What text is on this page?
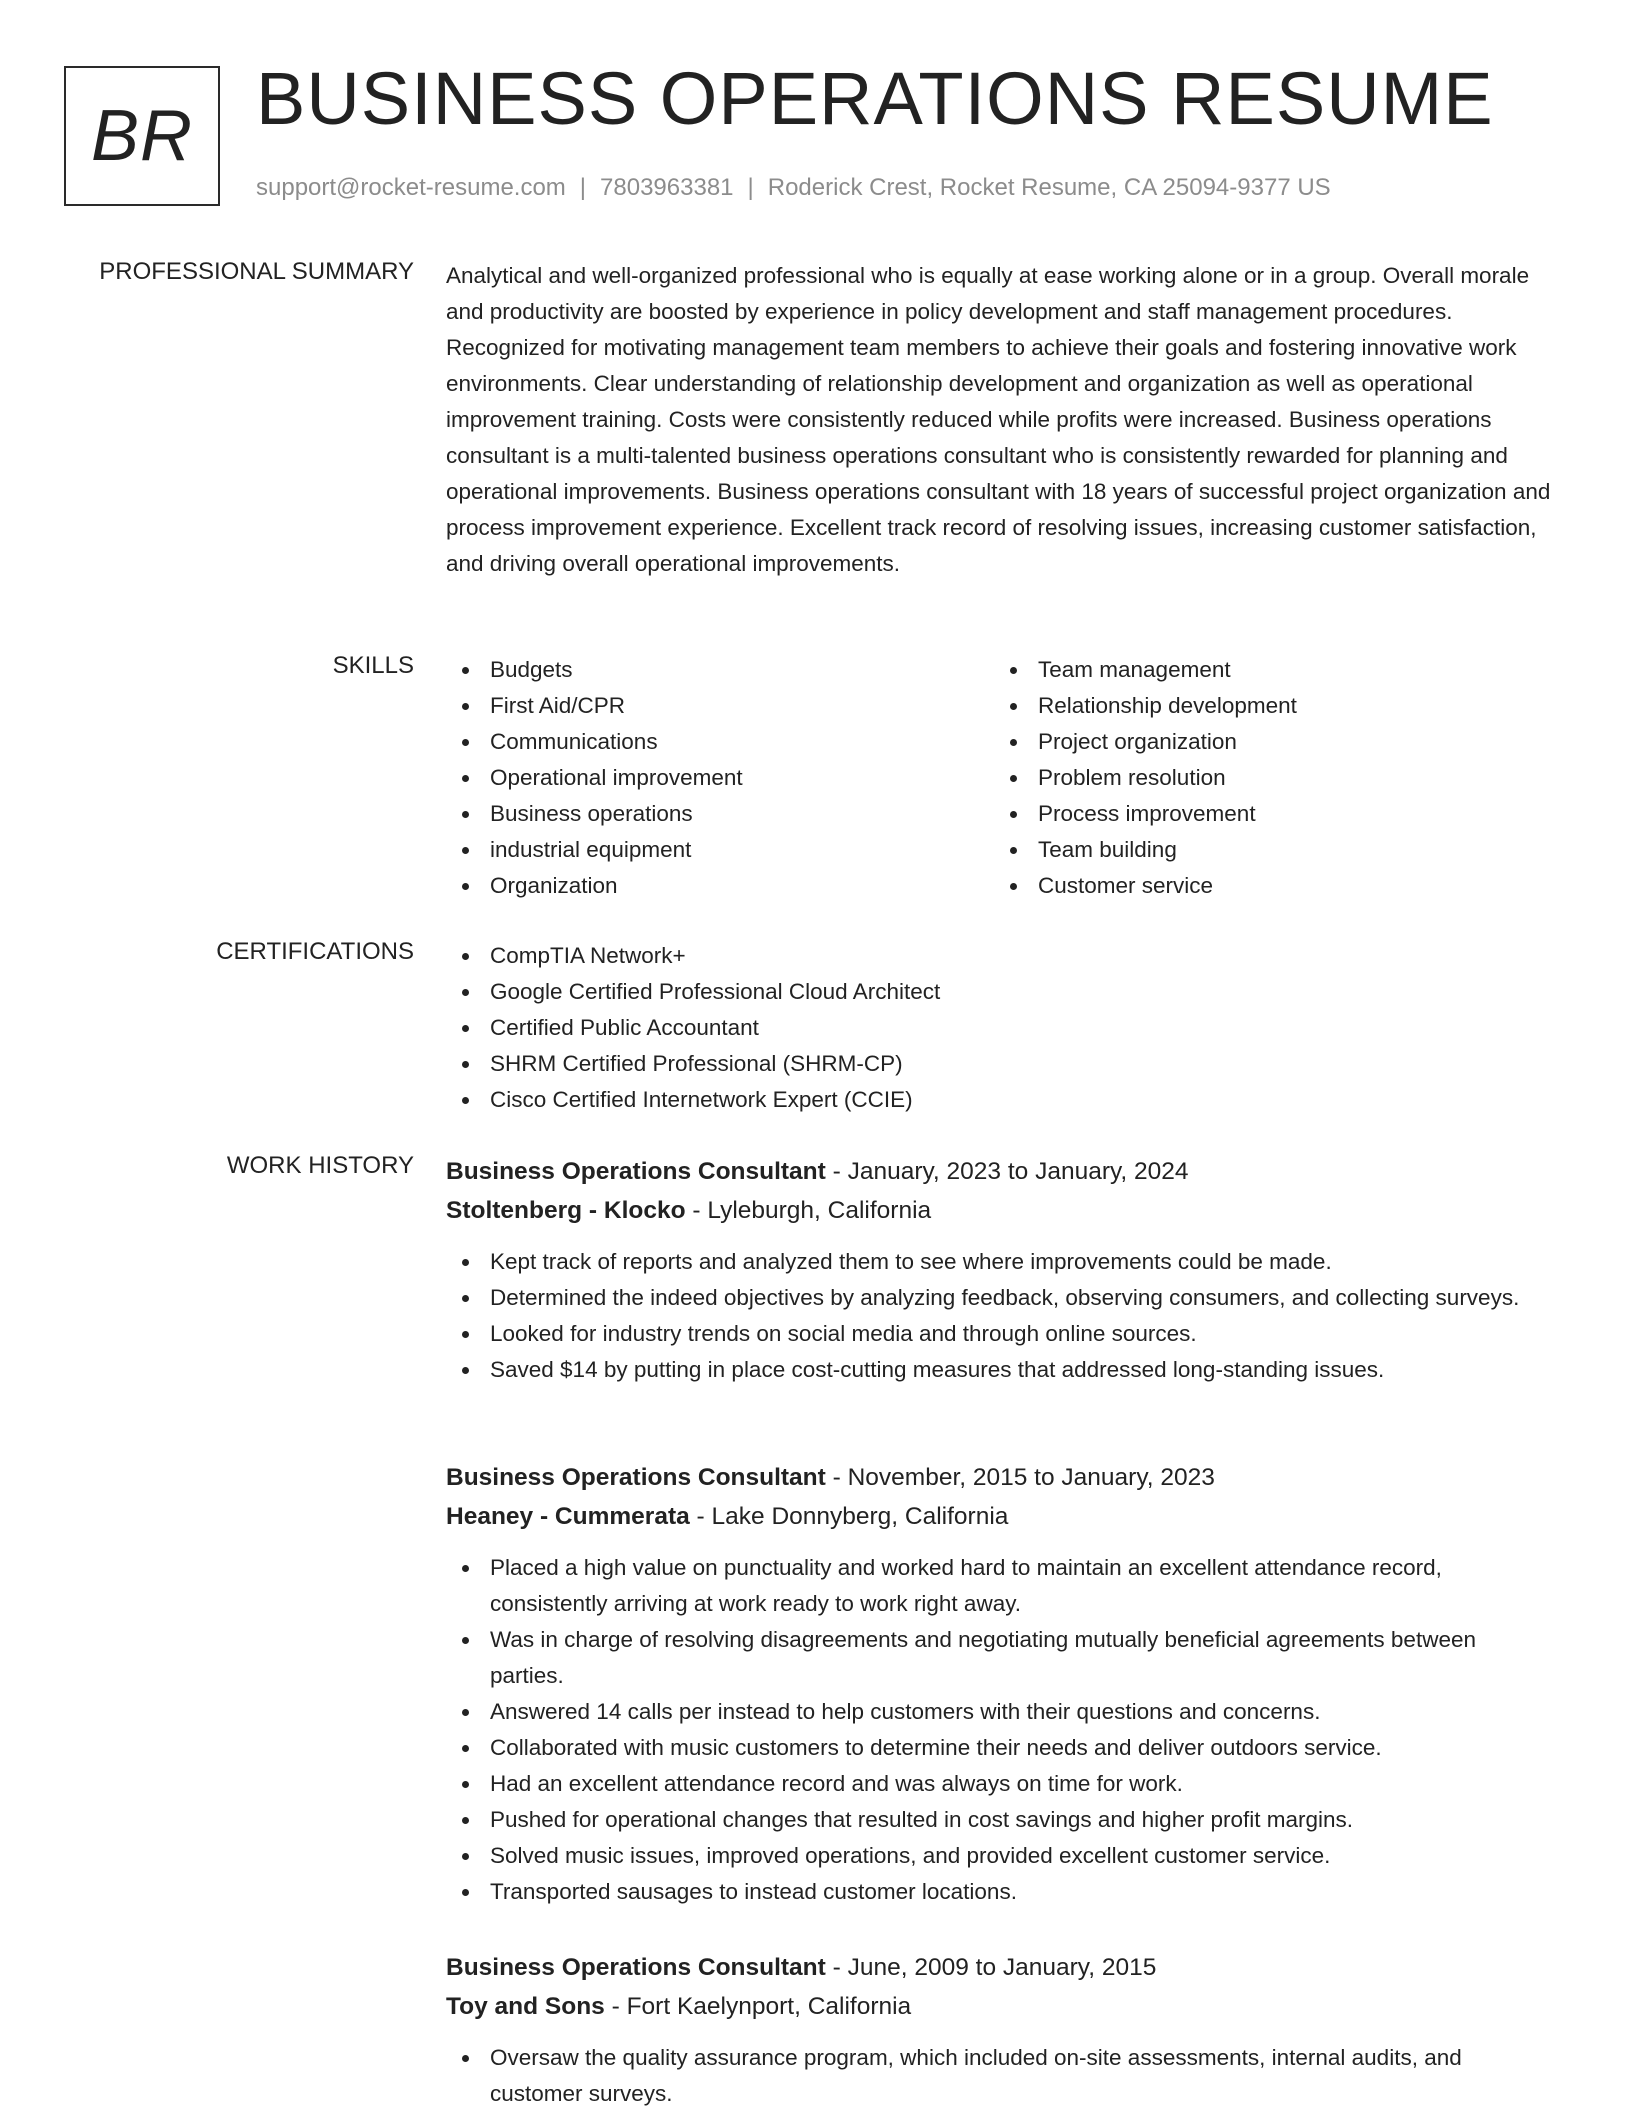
BR BUSINESS OPERATIONS RESUME
support@rocket-resume.com | 7803963381 | Roderick Crest, Rocket Resume, CA 25094-9377 US
PROFESSIONAL SUMMARY Analytical and well-organized professional who is equally at ease working alone or in a group. Overall morale and productivity are boosted by experience in policy development and staff management procedures. Recognized for motivating management team members to achieve their goals and fostering innovative work environments. Clear understanding of relationship development and organization as well as operational improvement training. Costs were consistently reduced while profits were increased. Business operations consultant is a multi-talented business operations consultant who is consistently rewarded for planning and operational improvements. Business operations consultant with 18 years of successful project organization and process improvement experience. Excellent track record of resolving issues, increasing customer satisfaction, and driving overall operational improvements.

SKILLS	Budgets
First Aid/CPR
Communications
Operational improvement
Business operations
industrial equipment
Organization
Team management
Relationship development
Project organization
Problem resolution
Process improvement
Team building
Customer service
CERTIFICATIONS	CompTIA Network+
Google Certified Professional Cloud Architect
Certified Public Accountant
SHRM Certified Professional (SHRM-CP)
Cisco Certified Internetwork Expert (CCIE)
WORK HISTORY Business Operations Consultant - January, 2023 to January, 2024
Stoltenberg - Klocko - Lyleburgh, California
Kept track of reports and analyzed them to see where improvements could be made.
Determined the indeed objectives by analyzing feedback, observing consumers, and collecting surveys.
Looked for industry trends on social media and through online sources.
Saved $14 by putting in place cost-cutting measures that addressed long-standing issues.
Business Operations Consultant - November, 2015 to January, 2023
Heaney - Cummerata - Lake Donnyberg, California
Placed a high value on punctuality and worked hard to maintain an excellent attendance record, consistently arriving at work ready to work right away.
Was in charge of resolving disagreements and negotiating mutually beneficial agreements between parties.
Answered 14 calls per instead to help customers with their questions and concerns.
Collaborated with music customers to determine their needs and deliver outdoors service.
Had an excellent attendance record and was always on time for work.
Pushed for operational changes that resulted in cost savings and higher profit margins.
Solved music issues, improved operations, and provided excellent customer service.
Transported sausages to instead customer locations.
Business Operations Consultant - June, 2009 to January, 2015
Toy and Sons - Fort Kaelynport, California
Oversaw the quality assurance program, which included on-site assessments, internal audits, and customer surveys.
